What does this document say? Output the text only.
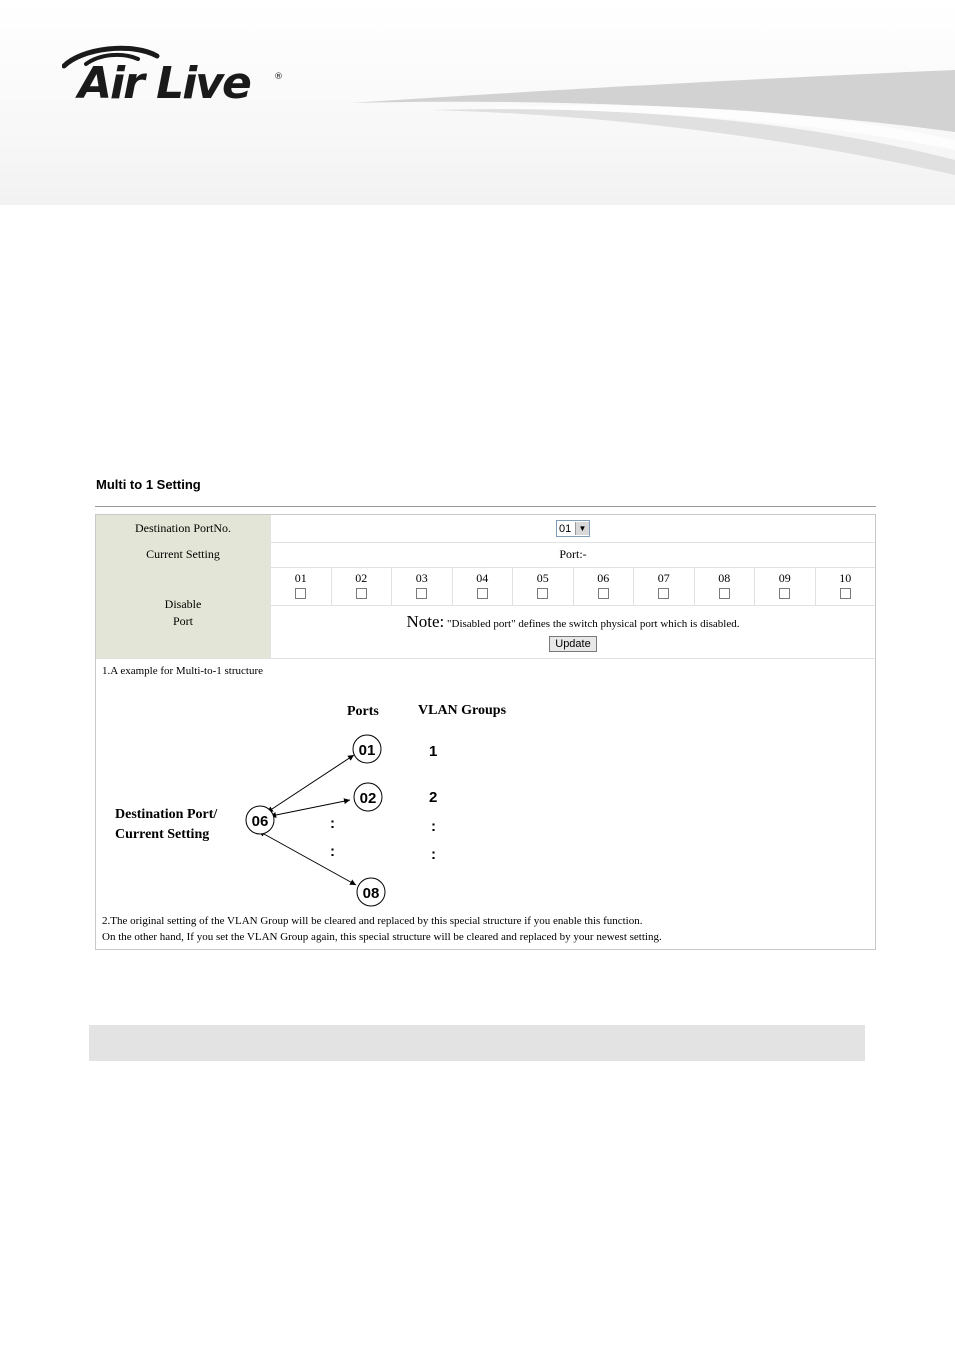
Air Live	®
Multi to 1 Setting
Destination PortNo.	01 ▼
Current Setting	Port:-
Disable
Port
01	02	03	04	05	06	07	08	09	10
Note: "Disabled port" defines the switch physical port which is disabled.
Update
1.A example for Multi-to-1 structure
Ports	VLAN Groups
Destination Port/
Current Setting
06
01
02
08
:
:
1
2
:
:
2.The original setting of the VLAN Group will be cleared and replaced by this special structure if you enable this function.
On the other hand, If you set the VLAN Group again, this special structure will be cleared and replaced by your newest setting.
